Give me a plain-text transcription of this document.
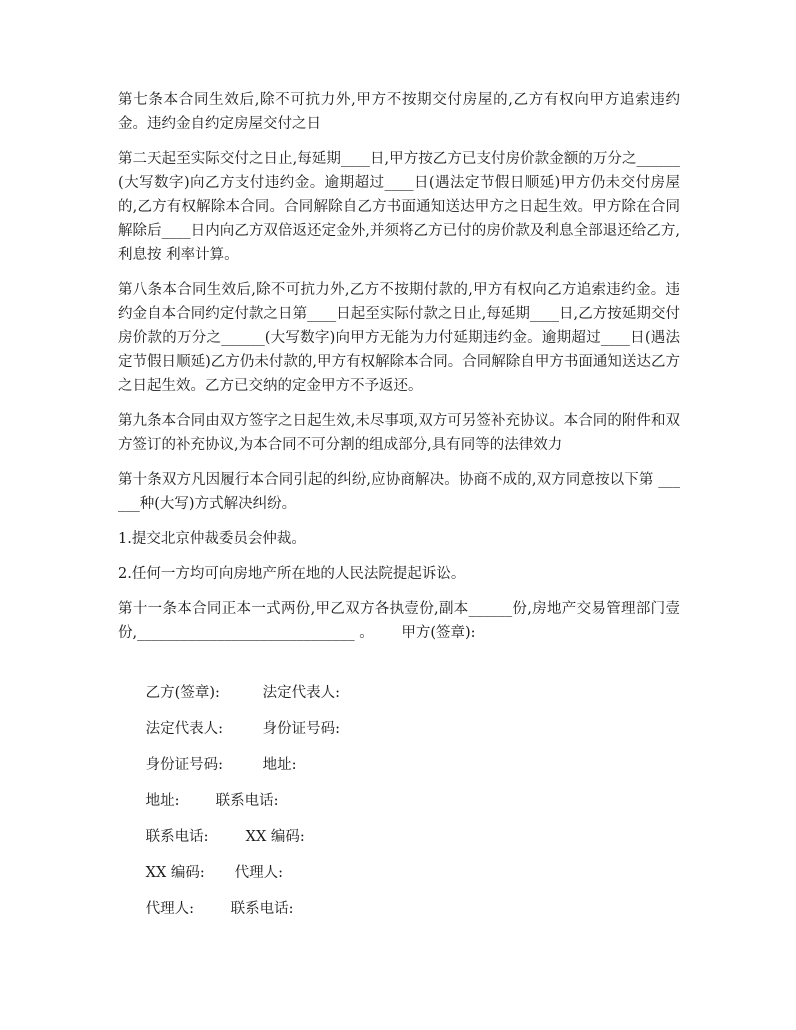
第七条本合同生效后,除不可抗力外,甲方不按期交付房屋的,乙方有权向甲方追索违约金。违约金自约定房屋交付之日

第二天起至实际交付之日止,每延期____日,甲方按乙方已支付房价款金额的万分之______(大写数字)向乙方支付违约金。逾期超过____日(遇法定节假日顺延)甲方仍未交付房屋的,乙方有权解除本合同。合同解除自乙方书面通知送达甲方之日起生效。甲方除在合同解除后____日内向乙方双倍返还定金外,并须将乙方已付的房价款及利息全部退还给乙方,利息按 利率计算。

第八条本合同生效后,除不可抗力外,乙方不按期付款的,甲方有权向乙方追索违约金。违约金自本合同约定付款之日第____日起至实际付款之日止,每延期____日,乙方按延期交付房价款的万分之______(大写数字)向甲方无能为力付延期违约金。逾期超过____日(遇法定节假日顺延)乙方仍未付款的,甲方有权解除本合同。合同解除自甲方书面通知送达乙方之日起生效。乙方已交纳的定金甲方不予返还。

第九条本合同由双方签字之日起生效,未尽事项,双方可另签补充协议。本合同的附件和双方签订的补充协议,为本合同不可分割的组成部分,具有同等的法律效力

第十条双方凡因履行本合同引起的纠纷,应协商解决。协商不成的,双方同意按以下第 ______种(大写)方式解决纠纷。

1.提交北京仲裁委员会仲裁。

2.任何一方均可向房地产所在地的人民法院提起诉讼。

第十一条本合同正本一式两份,甲乙双方各执壹份,副本______份,房地产交易管理部门壹份,______________________________ 。      甲方(签章):

乙方(签章):	法定代表人:

法定代表人:	身份证号码:

身份证号码:	地址:

地址: 联系电话:

联系电话:	XX 编码:

XX 编码: 代理人:

代理人:	联系电话:
